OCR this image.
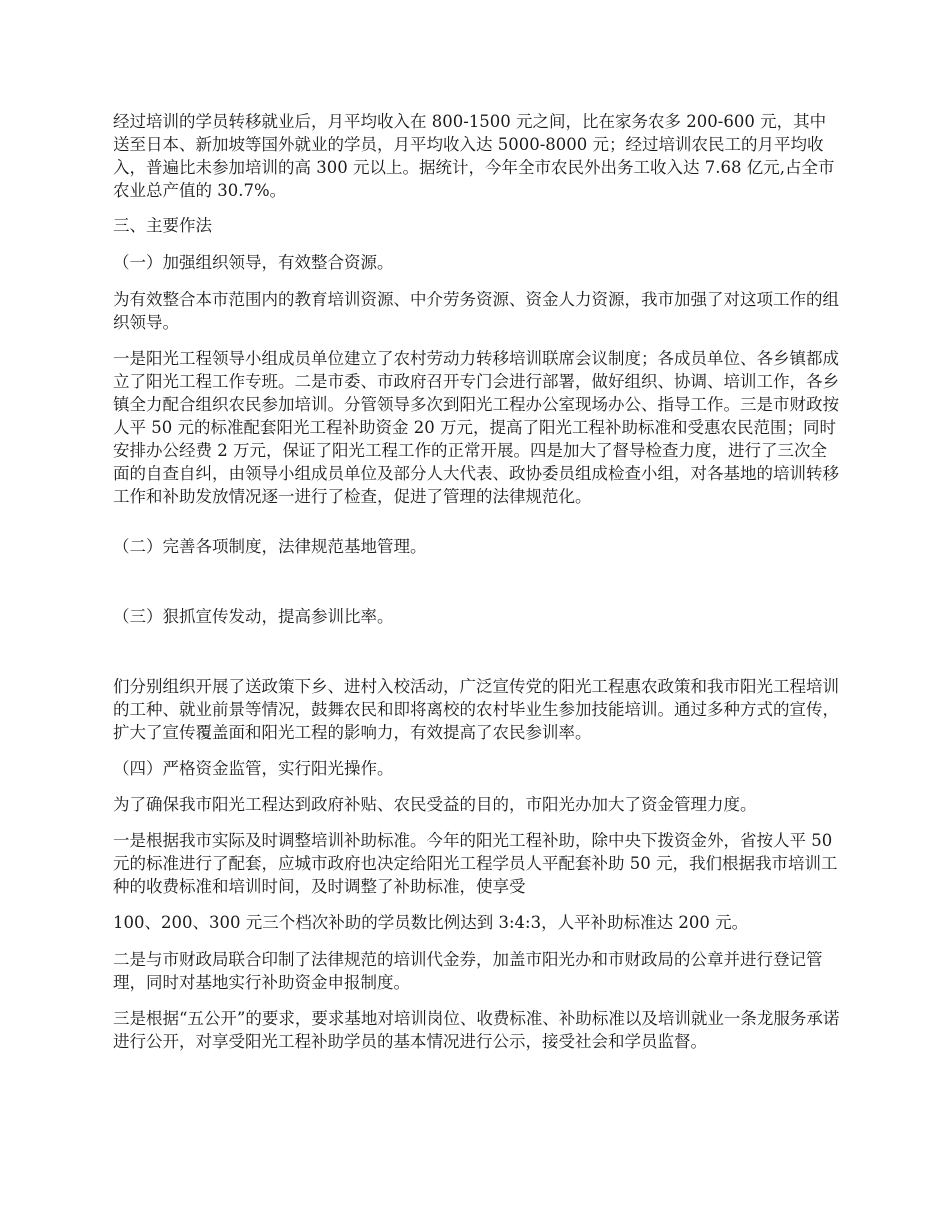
经过培训的学员转移就业后，月平均收入在 800-1500 元之间，比在家务农多 200-600 元，其中送至日本、新加坡等国外就业的学员，月平均收入达 5000-8000 元；经过培训农民工的月平均收入，普遍比未参加培训的高 300 元以上。据统计，今年全市农民外出务工收入达 7.68 亿元,占全市农业总产值的 30.7%。

三、主要作法

（一）加强组织领导，有效整合资源。

为有效整合本市范围内的教育培训资源、中介劳务资源、资金人力资源，我市加强了对这项工作的组织领导。

一是阳光工程领导小组成员单位建立了农村劳动力转移培训联席会议制度；各成员单位、各乡镇都成立了阳光工程工作专班。二是市委、市政府召开专门会进行部署，做好组织、协调、培训工作，各乡镇全力配合组织农民参加培训。分管领导多次到阳光工程办公室现场办公、指导工作。三是市财政按人平 50 元的标准配套阳光工程补助资金 20 万元，提高了阳光工程补助标准和受惠农民范围；同时安排办公经费 2 万元，保证了阳光工程工作的正常开展。四是加大了督导检查力度，进行了三次全面的自查自纠，由领导小组成员单位及部分人大代表、政协委员组成检查小组，对各基地的培训转移工作和补助发放情况逐一进行了检查，促进了管理的法律规范化。

（二）完善各项制度，法律规范基地管理。

（三）狠抓宣传发动，提高参训比率。

们分别组织开展了送政策下乡、进村入校活动，广泛宣传党的阳光工程惠农政策和我市阳光工程培训的工种、就业前景等情况，鼓舞农民和即将离校的农村毕业生参加技能培训。通过多种方式的宣传，扩大了宣传覆盖面和阳光工程的影响力，有效提高了农民参训率。

（四）严格资金监管，实行阳光操作。

为了确保我市阳光工程达到政府补贴、农民受益的目的，市阳光办加大了资金管理力度。

一是根据我市实际及时调整培训补助标准。今年的阳光工程补助，除中央下拨资金外，省按人平 50 元的标准进行了配套，应城市政府也决定给阳光工程学员人平配套补助 50 元，我们根据我市培训工种的收费标准和培训时间，及时调整了补助标准，使享受

100、200、300 元三个档次补助的学员数比例达到 3:4:3，人平补助标准达 200 元。

二是与市财政局联合印制了法律规范的培训代金券，加盖市阳光办和市财政局的公章并进行登记管理，同时对基地实行补助资金申报制度。

三是根据“五公开”的要求，要求基地对培训岗位、收费标准、补助标准以及培训就业一条龙服务承诺进行公开，对享受阳光工程补助学员的基本情况进行公示，接受社会和学员监督。
